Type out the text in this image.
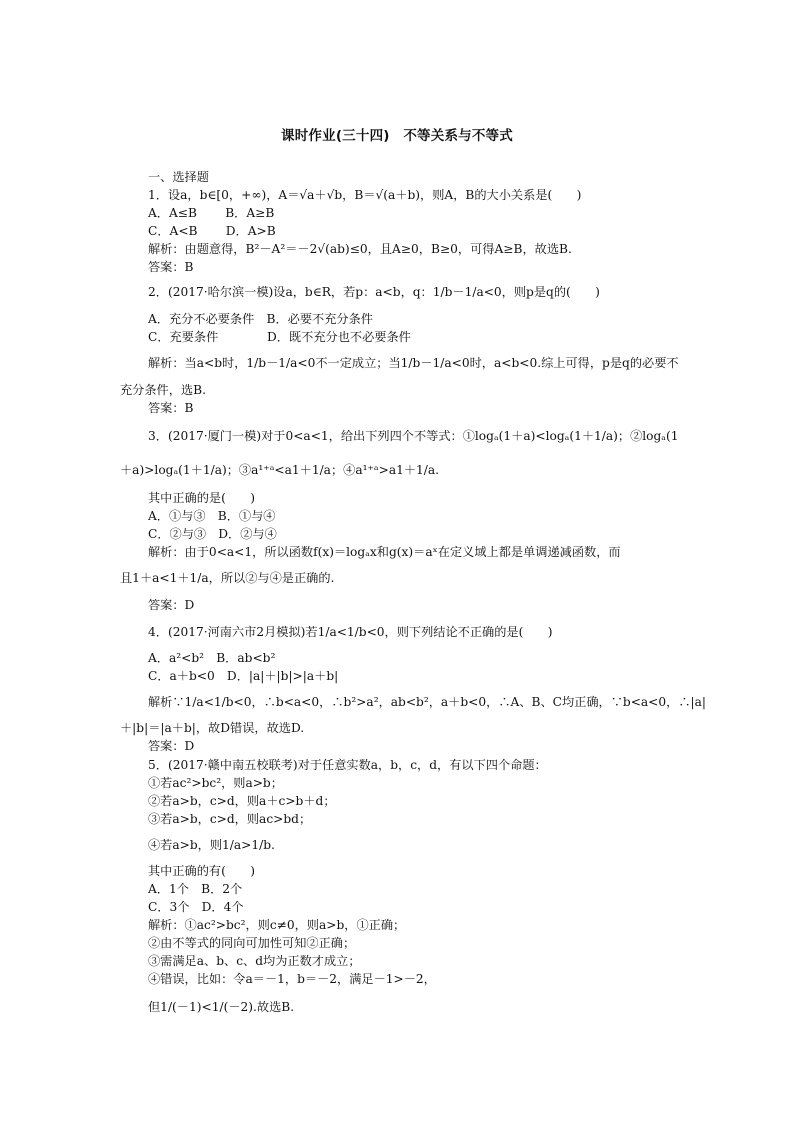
课时作业(三十四)　不等关系与不等式
一、选择题
1．设a，b∈[0，+∞)，A＝√a＋√b，B＝√(a＋b)，则A，B的大小关系是(　　)
A．A≤B　　 B．A≥B
C．A<B　　 D．A>B
解析：由题意得，B²－A²＝－2√(ab)≤0，且A≥0，B≥0，可得A≥B，故选B.
答案：B
2．(2017·哈尔滨一模)设a，b∈R，若p：a<b，q：1/b－1/a<0，则p是q的(　　)
A．充分不必要条件　B．必要不充分条件
C．充要条件　　　　D．既不充分也不必要条件
解析：当a<b时，1/b－1/a<0不一定成立；当1/b－1/a<0时，a<b<0.综上可得，p是q的必要不
充分条件，选B.
答案：B
3．(2017·厦门一模)对于0<a<1，给出下列四个不等式：①logₐ(1＋a)<logₐ(1＋1/a)；②logₐ(1
＋a)>logₐ(1＋1/a)；③a¹⁺ᵃ<a1＋1/a；④a¹⁺ᵃ>a1＋1/a.
其中正确的是(　　)
A．①与③　B．①与④
C．②与③　D．②与④
解析：由于0<a<1，所以函数f(x)＝logₐx和g(x)＝aˣ在定义域上都是单调递减函数，而
且1＋a<1＋1/a，所以②与④是正确的.
答案：D
4．(2017·河南六市2月模拟)若1/a<1/b<0，则下列结论不正确的是(　　)
A．a²<b²　B．ab<b²
C．a＋b<0　D．|a|＋|b|>|a＋b|
解析∵1/a<1/b<0，∴b<a<0，∴b²>a²，ab<b²，a＋b<0，∴A、B、C均正确，∵b<a<0，∴|a|
＋|b|＝|a＋b|，故D错误，故选D.
答案：D
5．(2017·赣中南五校联考)对于任意实数a，b，c，d，有以下四个命题：
①若ac²>bc²，则a>b；
②若a>b，c>d，则a＋c>b＋d；
③若a>b，c>d，则ac>bd；
④若a>b，则1/a>1/b.
其中正确的有(　　)
A．1个　B．2个
C．3个　D．4个
解析：①ac²>bc²，则c≠0，则a>b，①正确；
②由不等式的同向可加性可知②正确；
③需满足a、b、c、d均为正数才成立；
④错误，比如：令a＝－1，b＝－2，满足－1>－2，
但1/(－1)<1/(－2).故选B.
